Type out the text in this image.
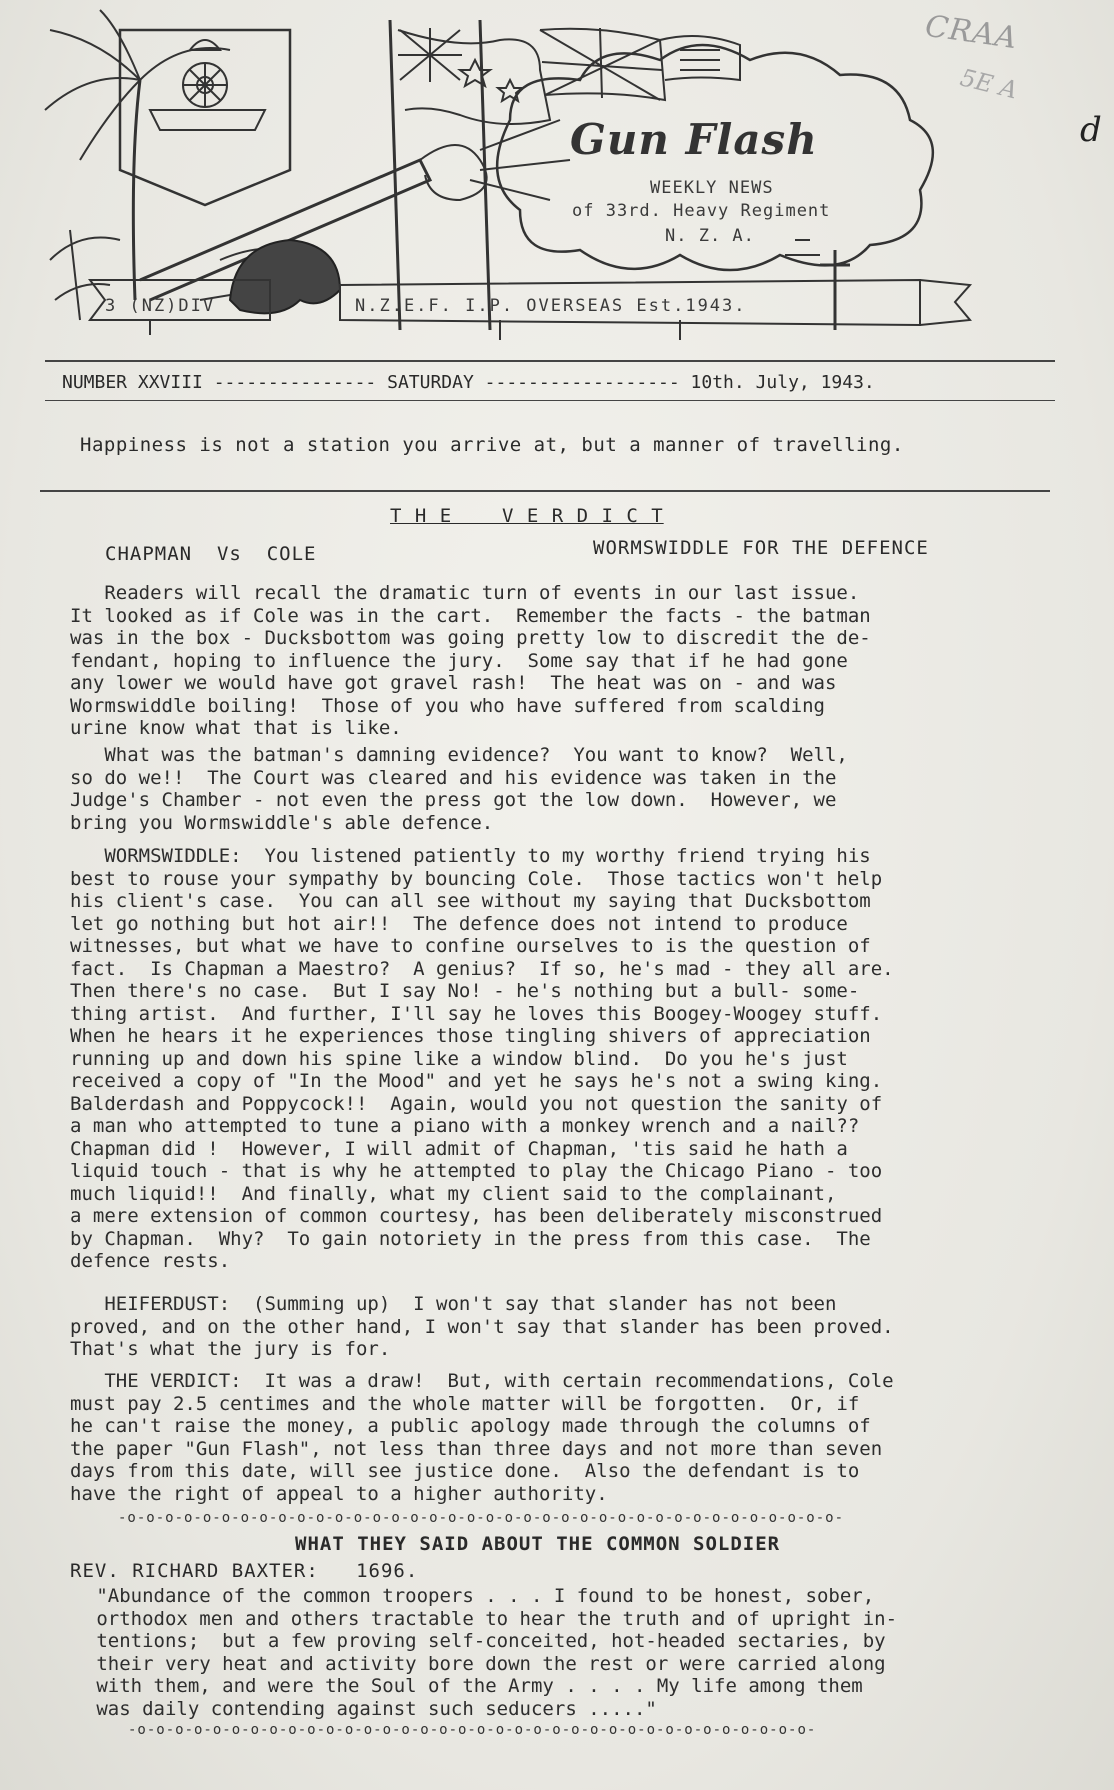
CRAA
5E A
d
Gun Flash
WEEKLY NEWS
of 33rd. Heavy Regiment
N. Z. A.
3 (NZ)DIV	N.Z.E.F. I.P. OVERSEAS Est.1943.
NUMBER XXVIII --------------- SATURDAY ------------------ 10th. July, 1943.
Happiness is not a station you arrive at, but a manner of travelling.
T H E    V E R D I C T
CHAPMAN  Vs  COLE	WORMSWIDDLE FOR THE DEFENCE
Readers will recall the dramatic turn of events in our last issue.
It looked as if Cole was in the cart.  Remember the facts - the batman
was in the box - Ducksbottom was going pretty low to discredit the de-
fendant, hoping to influence the jury.  Some say that if he had gone
any lower we would have got gravel rash!  The heat was on - and was
Wormswiddle boiling!  Those of you who have suffered from scalding
urine know what that is like.
What was the batman's damning evidence?  You want to know?  Well,
so do we!!  The Court was cleared and his evidence was taken in the
Judge's Chamber - not even the press got the low down.  However, we
bring you Wormswiddle's able defence.
WORMSWIDDLE:  You listened patiently to my worthy friend trying his
best to rouse your sympathy by bouncing Cole.  Those tactics won't help
his client's case.  You can all see without my saying that Ducksbottom
let go nothing but hot air!!  The defence does not intend to produce
witnesses, but what we have to confine ourselves to is the question of
fact.  Is Chapman a Maestro?  A genius?  If so, he's mad - they all are.
Then there's no case.  But I say No! - he's nothing but a bull- some-
thing artist.  And further, I'll say he loves this Boogey-Woogey stuff.
When he hears it he experiences those tingling shivers of appreciation
running up and down his spine like a window blind.  Do you he's just
received a copy of "In the Mood" and yet he says he's not a swing king.
Balderdash and Poppycock!!  Again, would you not question the sanity of
a man who attempted to tune a piano with a monkey wrench and a nail??
Chapman did !  However, I will admit of Chapman, 'tis said he hath a
liquid touch - that is why he attempted to play the Chicago Piano - too
much liquid!!  And finally, what my client said to the complainant,
a mere extension of common courtesy, has been deliberately misconstrued
by Chapman.  Why?  To gain notoriety in the press from this case.  The
defence rests.
HEIFERDUST:  (Summing up)  I won't say that slander has not been
proved, and on the other hand, I won't say that slander has been proved.
That's what the jury is for.
THE VERDICT:  It was a draw!  But, with certain recommendations, Cole
must pay 2.5 centimes and the whole matter will be forgotten.  Or, if
he can't raise the money, a public apology made through the columns of
the paper "Gun Flash", not less than three days and not more than seven
days from this date, will see justice done.  Also the defendant is to
have the right of appeal to a higher authority.
-o-o-o-o-o-o-o-o-o-o-o-o-o-o-o-o-o-o-o-o-o-o-o-o-o-o-o-o-o-o-o-o-o-o-o-o-o-o-
WHAT THEY SAID ABOUT THE COMMON SOLDIER
REV. RICHARD BAXTER:   1696.
"Abundance of the common troopers . . . I found to be honest, sober,
orthodox men and others tractable to hear the truth and of upright in-
tentions;  but a few proving self-conceited, hot-headed sectaries, by
their very heat and activity bore down the rest or were carried along
with them, and were the Soul of the Army . . . . My life among them
was daily contending against such seducers ....."
-o-o-o-o-o-o-o-o-o-o-o-o-o-o-o-o-o-o-o-o-o-o-o-o-o-o-o-o-o-o-o-o-o-o-o-o-
